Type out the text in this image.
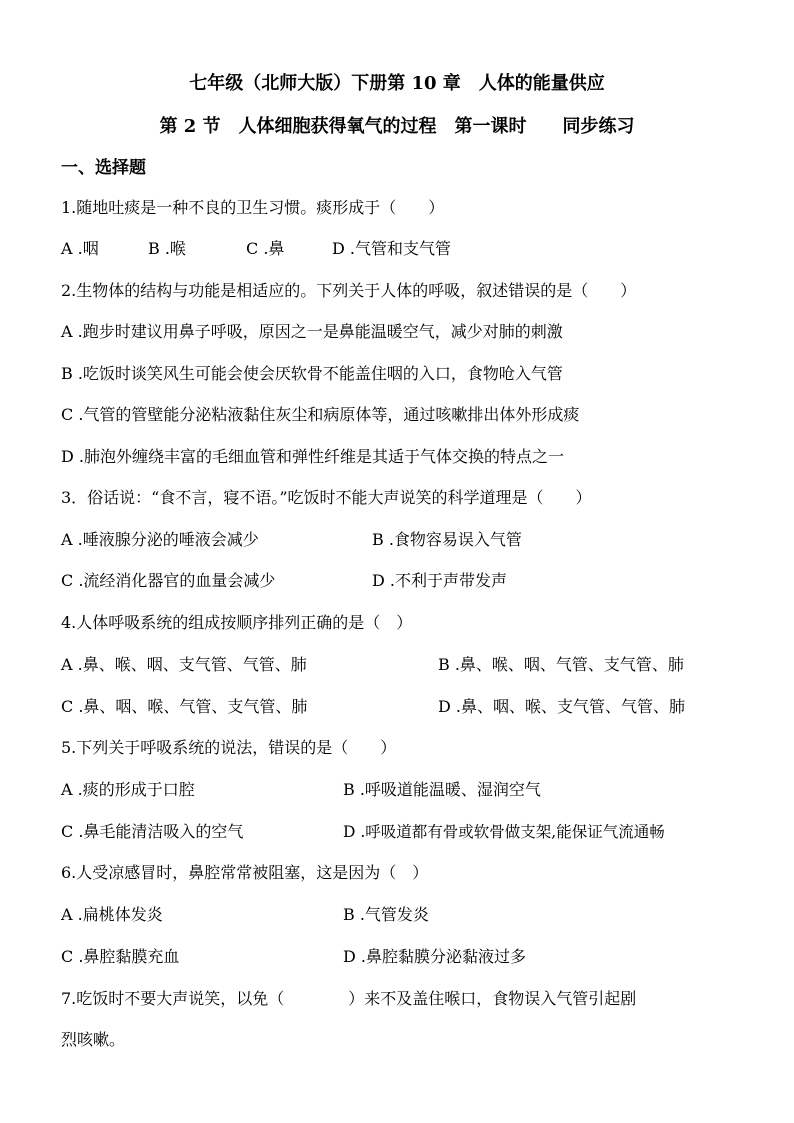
七年级（北师大版）下册第 10 章　人体的能量供应
第 2 节　人体细胞获得氧气的过程　第一课时　　同步练习
一、选择题
1.随地吐痰是一种不良的卫生习惯。痰形成于（　　）
A .咽	B .喉	C .鼻	D .气管和支气管
2.生物体的结构与功能是相适应的。下列关于人体的呼吸，叙述错误的是（　　）
A .跑步时建议用鼻子呼吸，原因之一是鼻能温暖空气，减少对肺的刺激
B .吃饭时谈笑风生可能会使会厌软骨不能盖住咽的入口，食物呛入气管
C .气管的管壁能分泌粘液黏住灰尘和病原体等，通过咳嗽排出体外形成痰
D .肺泡外缠绕丰富的毛细血管和弹性纤维是其适于气体交换的特点之一
3．俗话说：“食不言，寝不语。”吃饭时不能大声说笑的科学道理是（　　）
A .唾液腺分泌的唾液会减少	B .食物容易误入气管
C .流经消化器官的血量会减少	D .不利于声带发声
4.人体呼吸系统的组成按顺序排列正确的是（　）
A .鼻、喉、咽、支气管、气管、肺	B .鼻、喉、咽、气管、支气管、肺
C .鼻、咽、喉、气管、支气管、肺	D .鼻、咽、喉、支气管、气管、肺
5.下列关于呼吸系统的说法，错误的是（　　）
A .痰的形成于口腔	B .呼吸道能温暖、湿润空气
C .鼻毛能清洁吸入的空气	D .呼吸道都有骨或软骨做支架,能保证气流通畅
6.人受凉感冒时，鼻腔常常被阻塞，这是因为（　）
A .扁桃体发炎	B .气管发炎
C .鼻腔黏膜充血	D .鼻腔黏膜分泌黏液过多
7.吃饭时不要大声说笑，以免（　　　　）来不及盖住喉口，食物误入气管引起剧
烈咳嗽。
